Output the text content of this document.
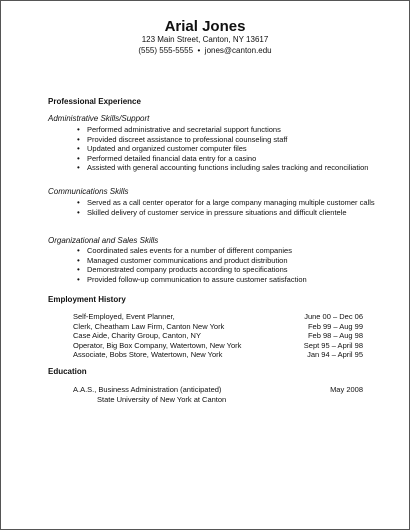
Arial Jones
123 Main Street, Canton, NY 13617
(555) 555-5555 • jones@canton.edu
Professional Experience
Administrative Skills/Support
• Performed administrative and secretarial support functions
• Provided discreet assistance to professional counseling staff
• Updated and organized customer computer files
• Performed detailed financial data entry for a casino
• Assisted with general accounting functions including sales tracking and reconciliation
Communications Skills
• Served as a call center operator for a large company managing multiple customer calls
• Skilled delivery of customer service in pressure situations and difficult clientele
Organizational and Sales Skills
• Coordinated sales events for a number of different companies
• Managed customer communications and product distribution
• Demonstrated company products according to specifications
• Provided follow-up communication to assure customer satisfaction
Employment History
Self-Employed, Event Planner,	June 00 – Dec 06
Clerk, Cheatham Law Firm, Canton New York	Feb 99 – Aug 99
Case Aide, Charity Group, Canton, NY	Feb 98 – Aug 98
Operator, Big Box Company, Watertown, New York	Sept 95 – April 98
Associate, Bobs Store, Watertown, New York	Jan 94 – April 95
Education
A.A.S., Business Administration (anticipated)	May 2008
State University of New York at Canton
